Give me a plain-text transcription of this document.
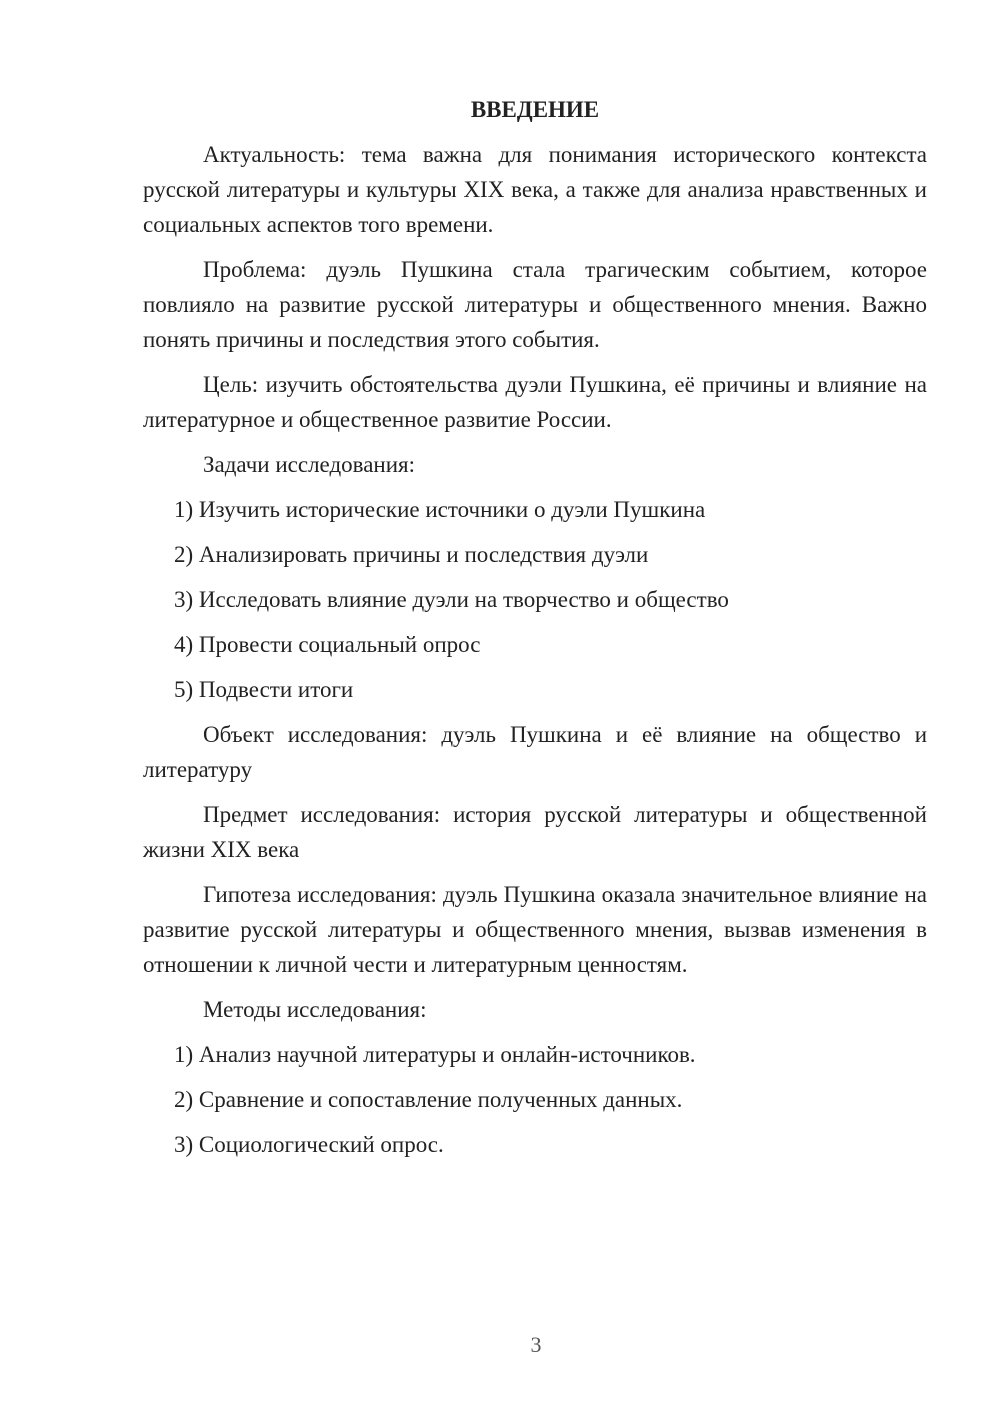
ВВЕДЕНИЕ

Актуальность: тема важна для понимания исторического контекста русской литературы и культуры XIX века, а также для анализа нравственных и социальных аспектов того времени.

Проблема: дуэль Пушкина стала трагическим событием, которое повлияло на развитие русской литературы и общественного мнения. Важно понять причины и последствия этого события.

Цель: изучить обстоятельства дуэли Пушкина, её причины и влияние на литературное и общественное развитие России.

Задачи исследования:

1) Изучить исторические источники о дуэли Пушкина
2) Анализировать причины и последствия дуэли
3) Исследовать влияние дуэли на творчество и общество
4) Провести социальный опрос
5) Подвести итоги

Объект исследования: дуэль Пушкина и её влияние на общество и литературу

Предмет исследования: история русской литературы и общественной жизни XIX века

Гипотеза исследования: дуэль Пушкина оказала значительное влияние на развитие русской литературы и общественного мнения, вызвав изменения в отношении к личной чести и литературным ценностям.

Методы исследования:

1) Анализ научной литературы и онлайн-источников.
2) Сравнение и сопоставление полученных данных.
3) Социологический опрос.
3
